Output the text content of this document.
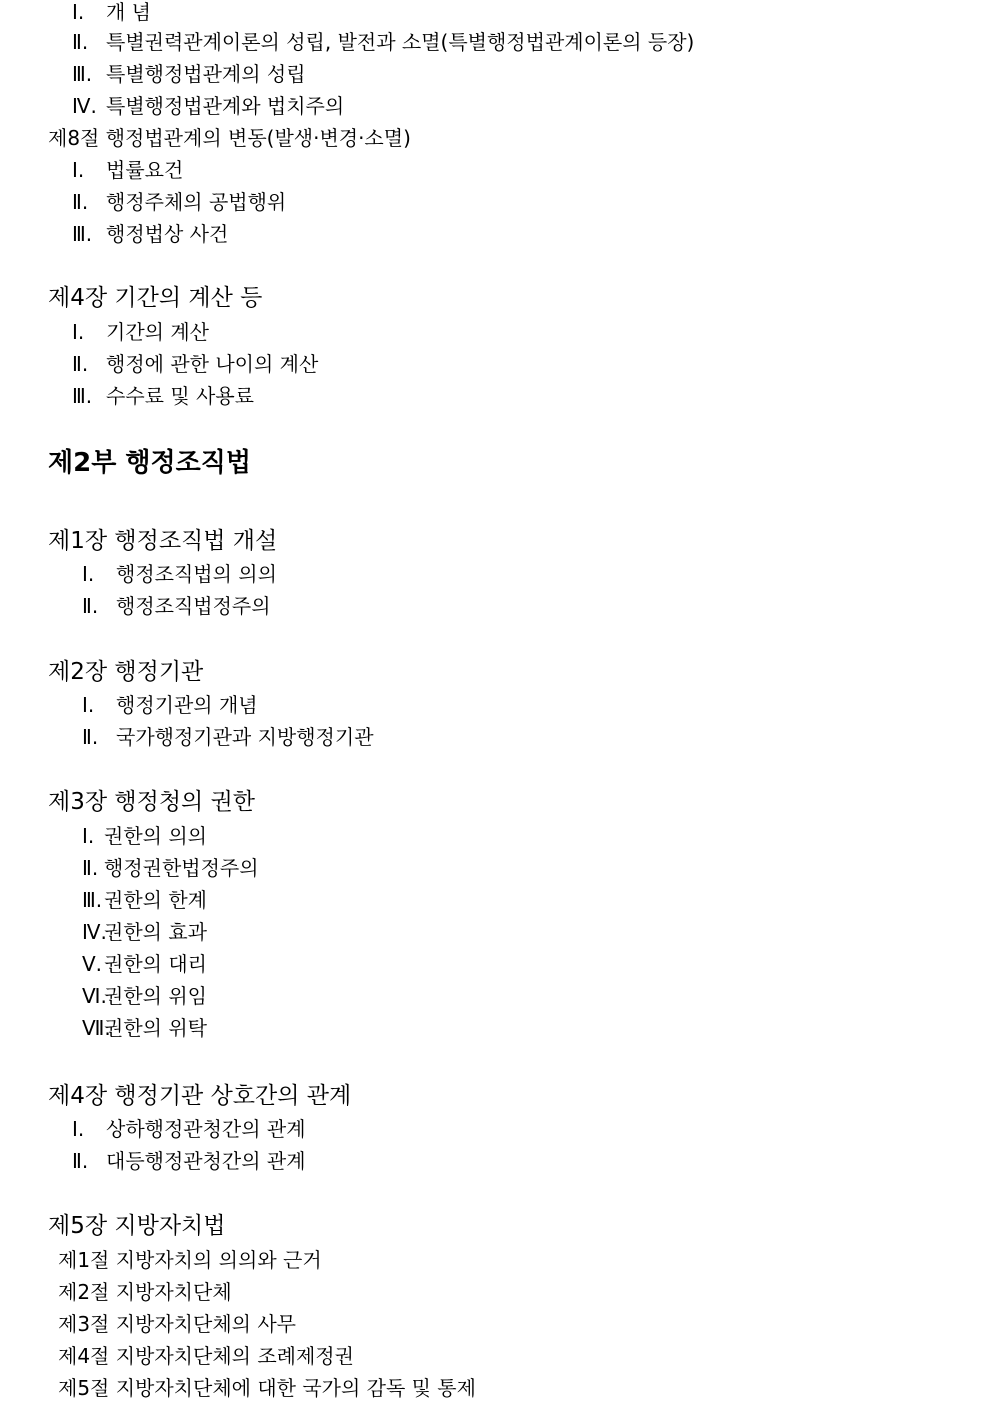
Ⅰ. 개 념
Ⅱ. 특별권력관계이론의 성립, 발전과 소멸(특별행정법관계이론의 등장)
Ⅲ. 특별행정법관계의 성립
Ⅳ. 특별행정법관계와 법치주의
제8절 행정법관계의 변동(발생·변경·소멸)
Ⅰ. 법률요건
Ⅱ. 행정주체의 공법행위
Ⅲ. 행정법상 사건
제4장 기간의 계산 등
Ⅰ. 기간의 계산
Ⅱ. 행정에 관한 나이의 계산
Ⅲ. 수수료 및 사용료
제2부 행정조직법
제1장 행정조직법 개설
Ⅰ. 행정조직법의 의의
Ⅱ. 행정조직법정주의
제2장 행정기관
Ⅰ. 행정기관의 개념
Ⅱ. 국가행정기관과 지방행정기관
제3장 행정청의 권한
Ⅰ. 권한의 의의
Ⅱ. 행정권한법정주의
Ⅲ.권한의 한계
Ⅳ.권한의 효과
Ⅴ.권한의 대리
Ⅵ.권한의 위임
Ⅶ.권한의 위탁
제4장 행정기관 상호간의 관계
Ⅰ. 상하행정관청간의 관계
Ⅱ. 대등행정관청간의 관계
제5장 지방자치법
제1절 지방자치의 의의와 근거
제2절 지방자치단체
제3절 지방자치단체의 사무
제4절 지방자치단체의 조례제정권
제5절 지방자치단체에 대한 국가의 감독 및 통제
